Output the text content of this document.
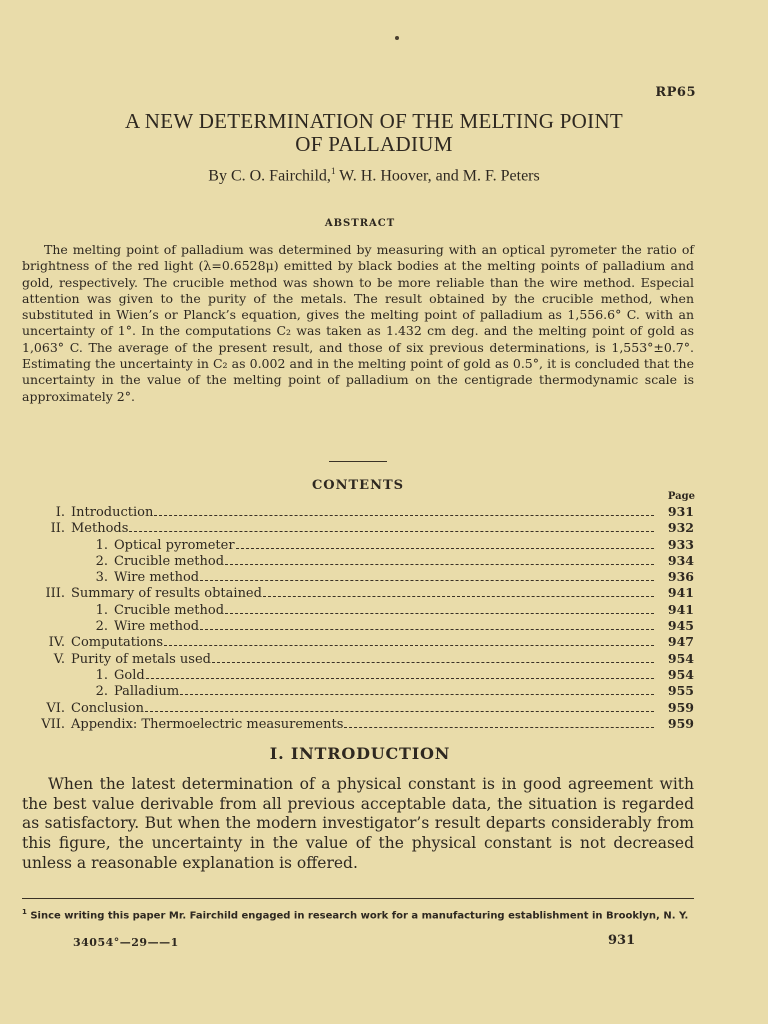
RP65
A NEW DETERMINATION OF THE MELTING POINT
OF PALLADIUM
By C. O. Fairchild,$^1$ W. H. Hoover, and M. F. Peters
ABSTRACT

The melting point of palladium was determined by measuring with an optical pyrometer the ratio of brightness of the red light (λ=0.6528μ) emitted by black bodies at the melting points of palladium and gold, respectively. The crucible method was shown to be more reliable than the wire method. Especial attention was given to the purity of the metals. The result obtained by the crucible method, when substituted in Wien’s or Planck’s equation, gives the melting point of palladium as 1,556.6° C. with an uncertainty of 1°. In the computations C₂ was taken as 1.432 cm deg. and the melting point of gold as 1,063° C. The average of the present result, and those of six previous determinations, is 1,553°±0.7°. Estimating the uncertainty in C₂ as 0.002 and in the melting point of gold as 0.5°, it is concluded that the uncertainty in the value of the melting point of palladium on the centigrade thermodynamic scale is approximately 2°.

CONTENTS
Page
I. Introduction	931
II. Methods	932
1. Optical pyrometer	933
2. Crucible method	934
3. Wire method	936
III. Summary of results obtained	941
1. Crucible method	941
2. Wire method	945
IV. Computations	947
V. Purity of metals used	954
1. Gold	954
2. Palladium	955
VI. Conclusion	959
VII. Appendix: Thermoelectric measurements	959
I. INTRODUCTION

When the latest determination of a physical constant is in good agreement with the best value derivable from all previous acceptable data, the situation is regarded as satisfactory. But when the modern investigator’s result departs considerably from this figure, the uncertainty in the value of the physical constant is not decreased unless a reasonable explanation is offered.

$^1$ Since writing this paper Mr. Fairchild engaged in research work for a manufacturing establishment in Brooklyn, N. Y.
34054°—29——1	931
